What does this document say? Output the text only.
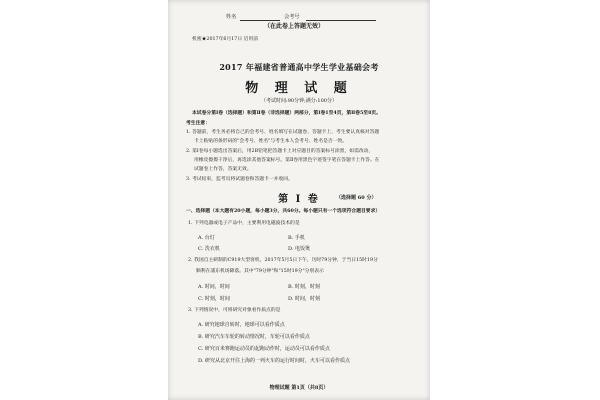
姓名	会考号
（在此卷上答题无效）
机密★2017年6月17日 启用前
2017 年福建省普通高中学生学业基础会考
物 理 试 题
（考试时间:90分钟;满分:100分）
本试卷分第Ⅰ卷（选择题）和第Ⅱ卷（非选择题）两部分，第Ⅰ卷1至4页，第Ⅱ卷5至8页。
考生注意：
1. 答题前，考生务必将自己的会考号、姓名填写在试题卷、答题卡上，考生要认真核对答题
卡上粘贴的条形码的"会考号、姓名"与考生本人会考号、姓名是否一致。
2. 第Ⅰ卷每小题选出答案后，用2B铅笔把答题卡上对应题目的答案标号涂黑，如需改动，
用橡皮擦擦干净后，再选涂其他答案标号。第Ⅱ卷用黑色字迹签字笔在答题卡上作答。在
试题卷上作答，答案无效。
3. 考试结束，监考员将试题卷和答题卡一并收回。
第 Ⅰ 卷	（选择题 60 分）
一、选择题（本大题有20小题，每小题3分，共60分。每小题只有一个选项符合题目要求）
1. 下列电器或电子产品中，主要利用电磁波技术的是
A. 台灯	B. 手机
C. 洗衣机	D. 电饭煲
2. 我国自主研制的C919大型客机，2017年5月5日下午，历时79分钟，于当日15时19分
顺利在浦东机场降落。其中"79分钟"和"15时19分"分别表示
A. 时间，时间	B. 时刻，时刻
C. 时刻，时间	D. 时间，时刻
3. 下列情况中，可将研究对象看作质点的是
A. 研究地球自转时，地球可以看作质点
B. 研究汽车车轮的转动情况时，车轮可以看作质点
C. 研究百米赛跑运动员的起跑动作时，运动员可以看作质点
D. 研究从北京开往上海的一列火车的运行时间时，火车可以看作质点
物理试题 第1页（共8页）
